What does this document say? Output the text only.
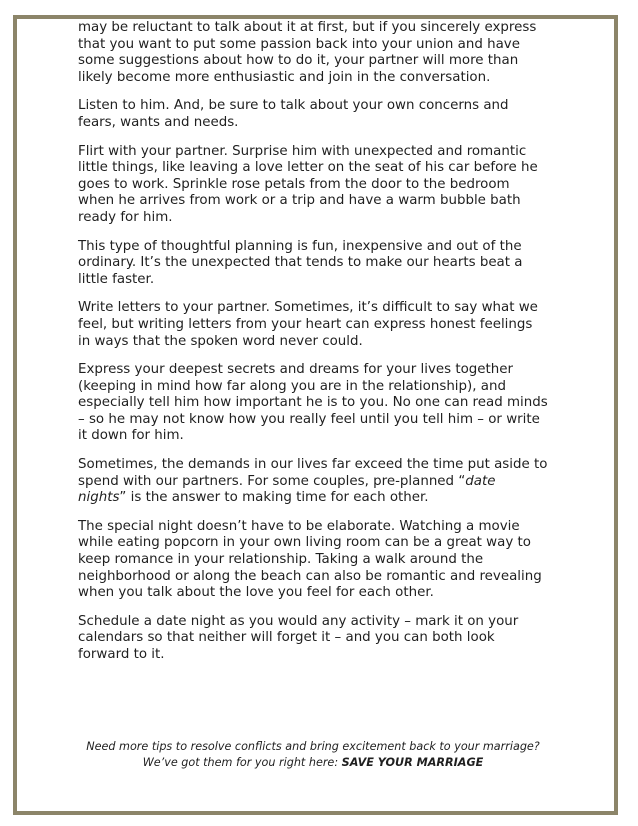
may be reluctant to talk about it at first, but if you sincerely express that you want to put some passion back into your union and have some suggestions about how to do it, your partner will more than likely become more enthusiastic and join in the conversation.

Listen to him. And, be sure to talk about your own concerns and fears, wants and needs.

Flirt with your partner. Surprise him with unexpected and romantic little things, like leaving a love letter on the seat of his car before he goes to work. Sprinkle rose petals from the door to the bedroom when he arrives from work or a trip and have a warm bubble bath ready for him.

This type of thoughtful planning is fun, inexpensive and out of the ordinary. It’s the unexpected that tends to make our hearts beat a little faster.

Write letters to your partner. Sometimes, it’s difficult to say what we feel, but writing letters from your heart can express honest feelings in ways that the spoken word never could.

Express your deepest secrets and dreams for your lives together (keeping in mind how far along you are in the relationship), and especially tell him how important he is to you. No one can read minds – so he may not know how you really feel until you tell him – or write it down for him.

Sometimes, the demands in our lives far exceed the time put aside to spend with our partners. For some couples, pre-planned “date nights” is the answer to making time for each other.

The special night doesn’t have to be elaborate. Watching a movie while eating popcorn in your own living room can be a great way to keep romance in your relationship. Taking a walk around the neighborhood or along the beach can also be romantic and revealing when you talk about the love you feel for each other.

Schedule a date night as you would any activity – mark it on your calendars so that neither will forget it – and you can both look forward to it.

Need more tips to resolve conflicts and bring excitement back to your marriage?
We’ve got them for you right here: SAVE YOUR MARRIAGE
